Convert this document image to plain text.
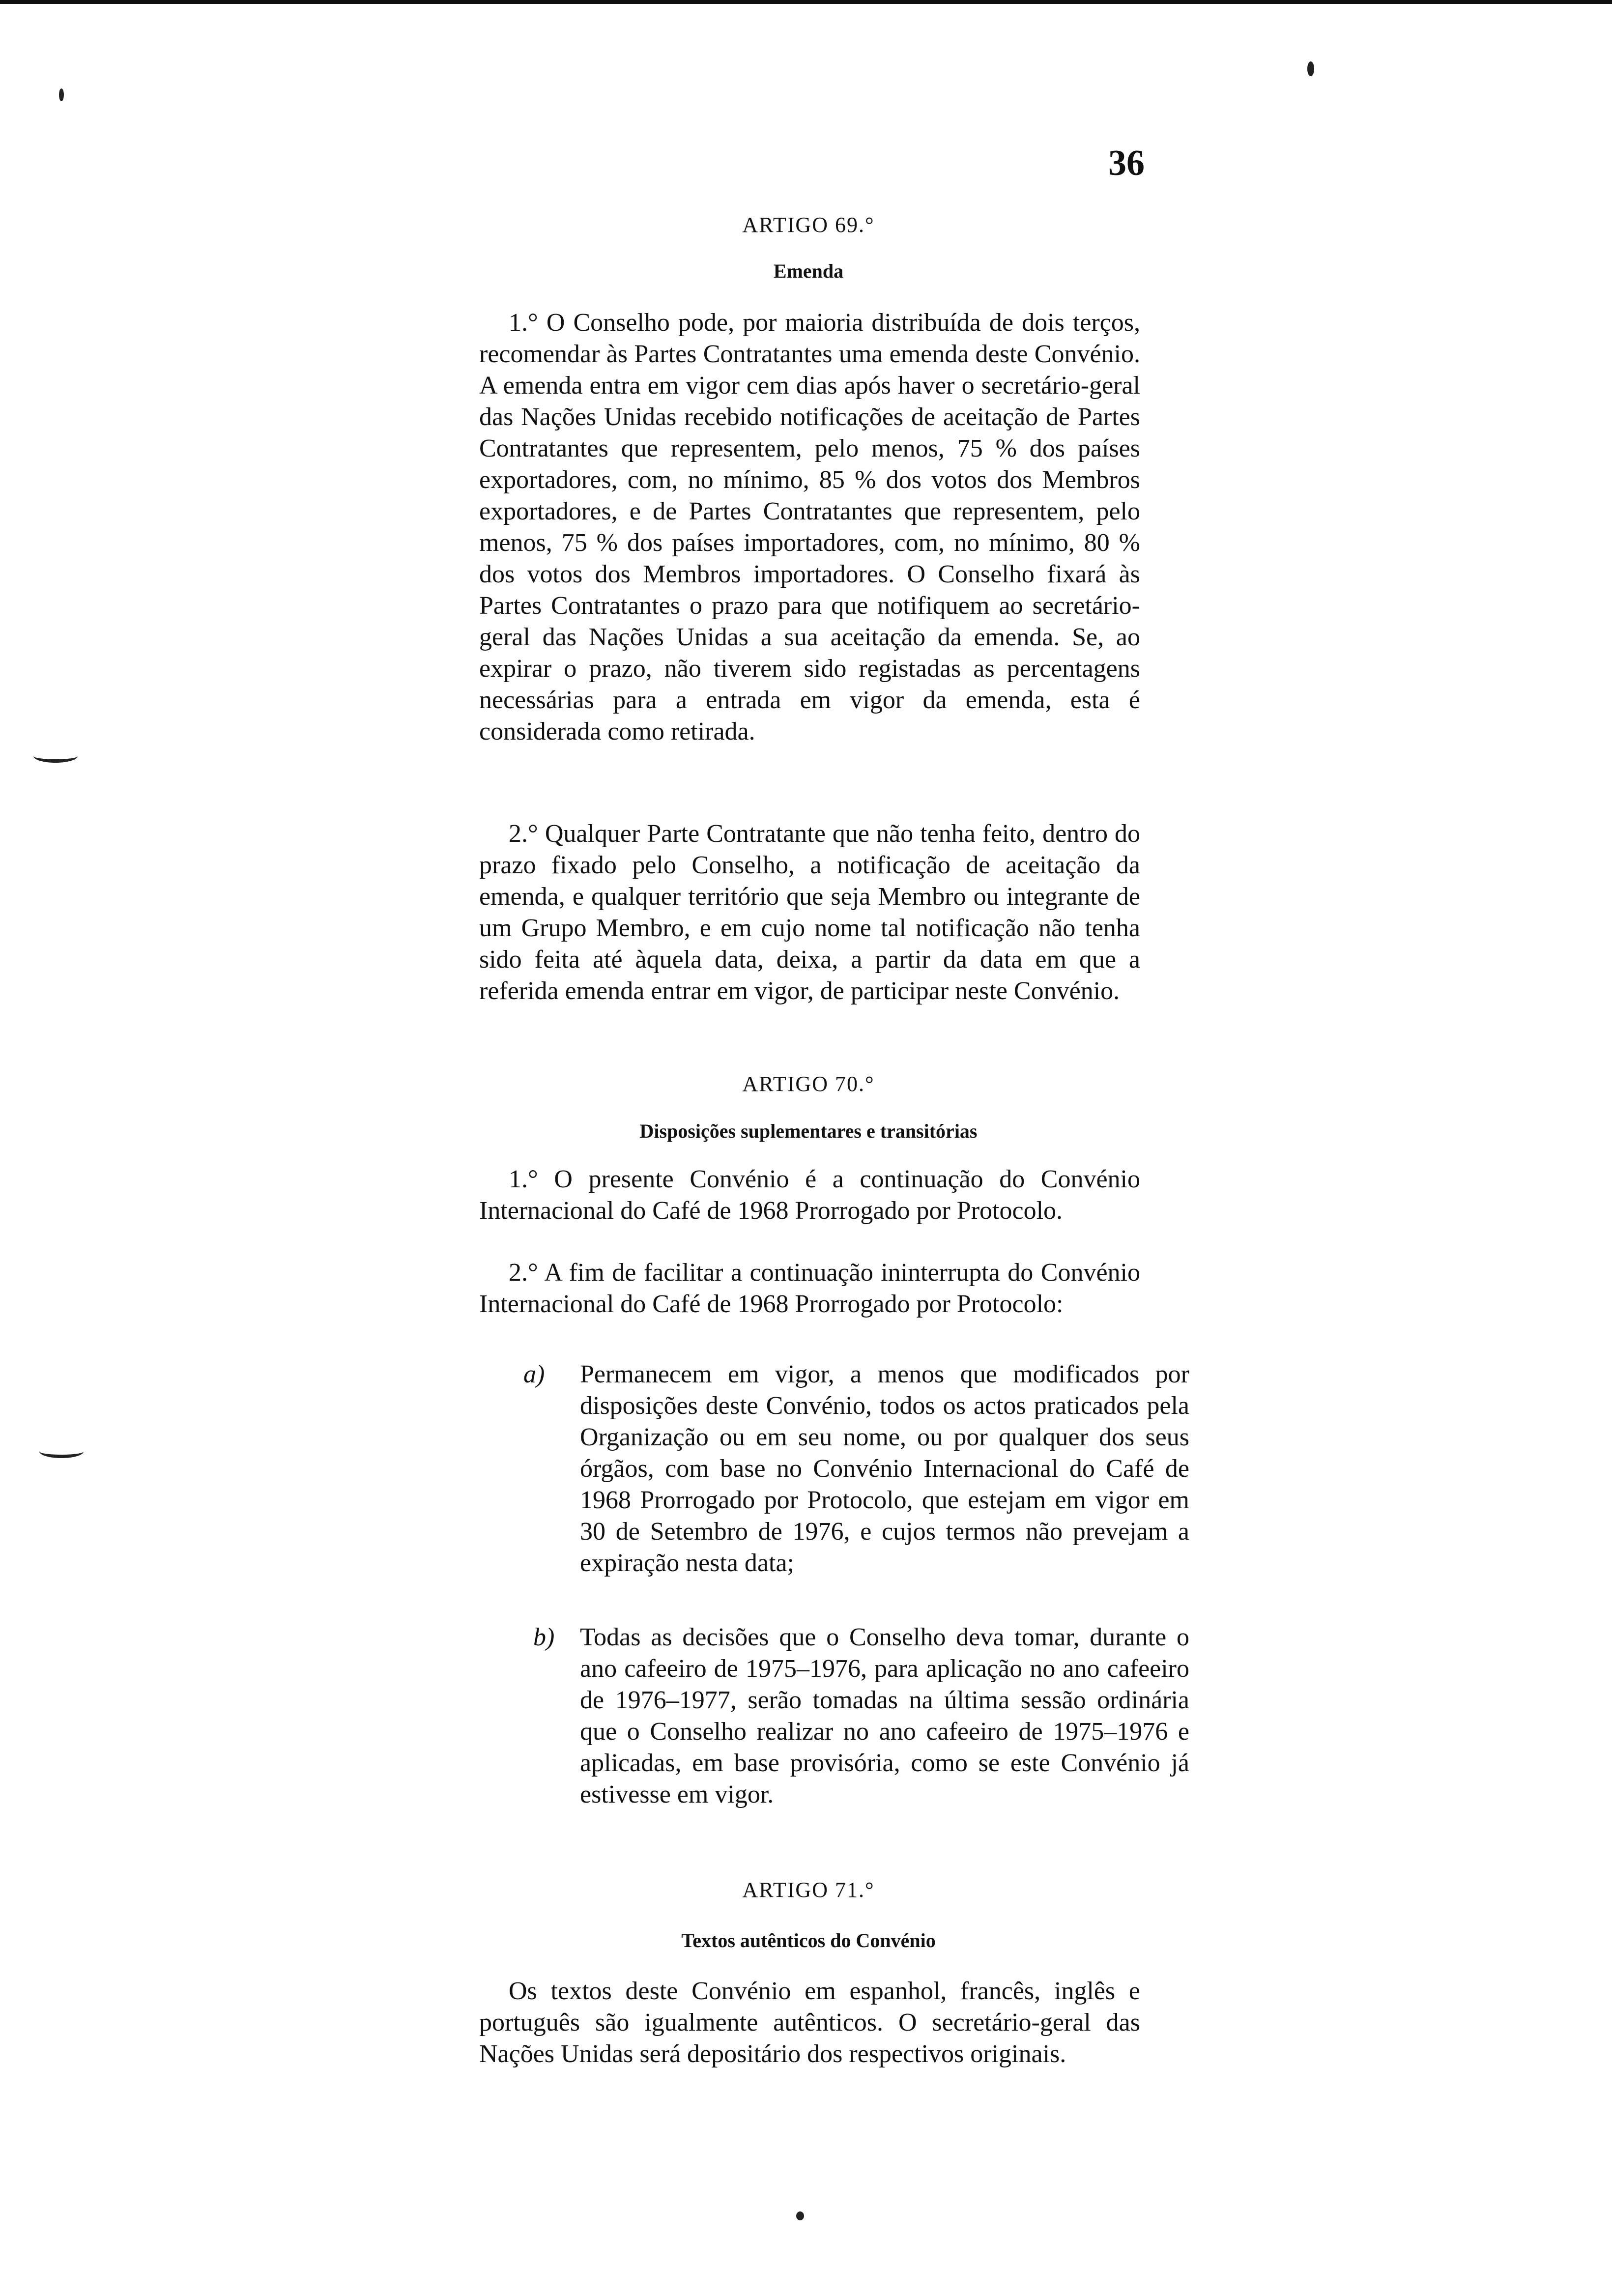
36
ARTIGO 69.°
Emenda
1.° O Conselho pode, por maioria distribuída de dois terços, recomendar às Partes Contratantes uma emenda deste Convénio. A emenda entra em vigor cem dias após haver o secretário-geral das Nações Unidas recebido notificações de aceitação de Partes Contratantes que representem, pelo menos, 75 % dos países exportadores, com, no mínimo, 85 % dos votos dos Membros exportadores, e de Partes Contratantes que representem, pelo menos, 75 % dos países importadores, com, no mínimo, 80 % dos votos dos Membros importadores. O Conselho fixará às Partes Contratantes o prazo para que notifiquem ao secretário-geral das Nações Unidas a sua aceitação da emenda. Se, ao expirar o prazo, não tiverem sido registadas as percentagens necessárias para a entrada em vigor da emenda, esta é considerada como retirada.
2.° Qualquer Parte Contratante que não tenha feito, dentro do prazo fixado pelo Conselho, a notificação de aceitação da emenda, e qualquer território que seja Membro ou integrante de um Grupo Membro, e em cujo nome tal notificação não tenha sido feita até àquela data, deixa, a partir da data em que a referida emenda entrar em vigor, de participar neste Convénio.
ARTIGO 70.°
Disposições suplementares e transitórias
1.° O presente Convénio é a continuação do Convénio Internacional do Café de 1968 Prorrogado por Protocolo.
2.° A fim de facilitar a continuação ininterrupta do Convénio Internacional do Café de 1968 Prorrogado por Protocolo:
a) Permanecem em vigor, a menos que modificados por disposições deste Convénio, todos os actos praticados pela Organização ou em seu nome, ou por qualquer dos seus órgãos, com base no Convénio Internacional do Café de 1968 Prorrogado por Protocolo, que estejam em vigor em 30 de Setembro de 1976, e cujos termos não prevejam a expiração nesta data;
b) Todas as decisões que o Conselho deva tomar, durante o ano cafeeiro de 1975–1976, para aplicação no ano cafeeiro de 1976–1977, serão tomadas na última sessão ordinária que o Conselho realizar no ano cafeeiro de 1975–1976 e aplicadas, em base provisória, como se este Convénio já estivesse em vigor.
ARTIGO 71.°
Textos autênticos do Convénio
Os textos deste Convénio em espanhol, francês, inglês e português são igualmente autênticos. O secretário-geral das Nações Unidas será depositário dos respectivos originais.
